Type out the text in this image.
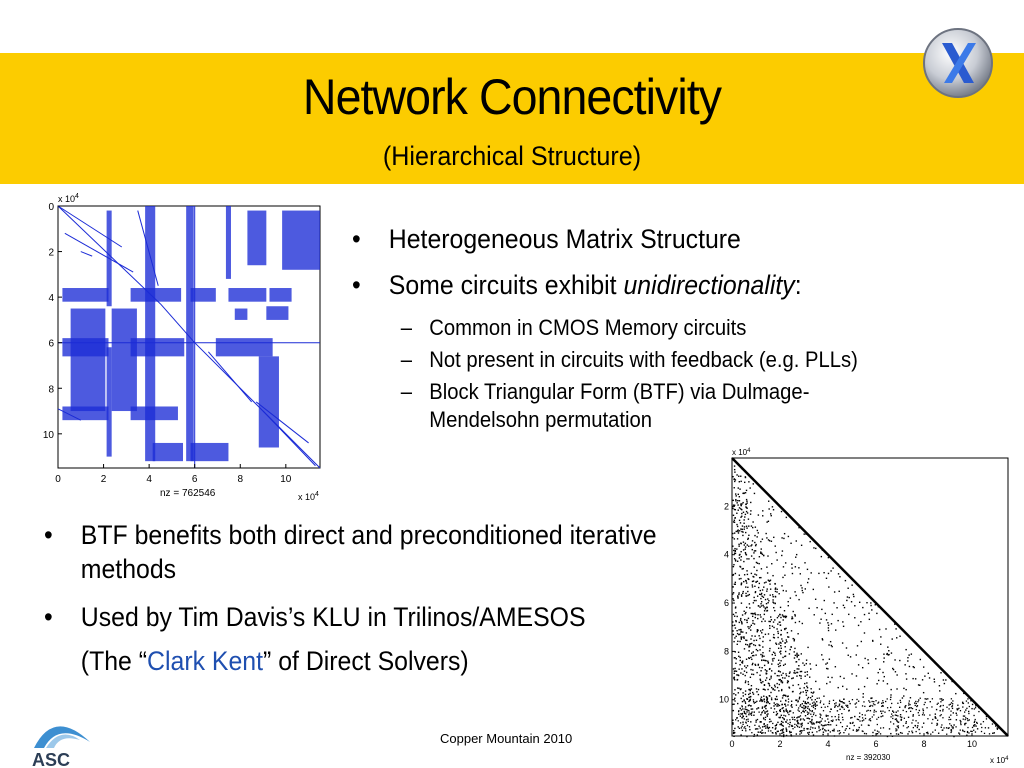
Network Connectivity
(Hierarchical Structure)
0	2	4	6	8	10
0
2
4
6
8
10
x $10^4$
x $10^4$
nz = 762546
0	2	4	6	8	10
2
4
6
8
10
x $10^4$
x $10^4$
nz = 392030
• Heterogeneous Matrix Structure
• Some circuits exhibit unidirectionality:
– Common in CMOS Memory circuits
– Not present in circuits with feedback (e.g. PLLs)
– Block Triangular Form (BTF) via Dulmage-Mendelsohn permutation
• BTF benefits both direct and preconditioned iterative methods
• Used by Tim Davis’s KLU in Trilinos/AMESOS
(The “Clark Kent” of Direct Solvers)
Copper Mountain 2010
ASC
